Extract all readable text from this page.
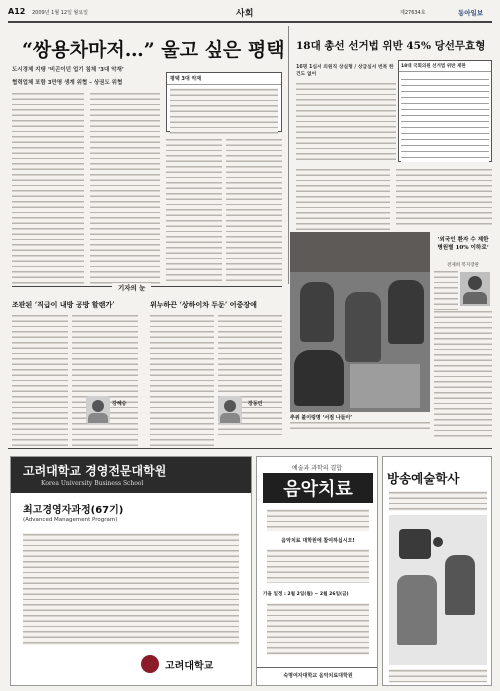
A12 2009년 1월 12일 월요일	사회	제27634호	동아일보
“쌍용차마저…” 울고 싶은 평택
도시경제 지탱 ‘비곤이던 업기 침체 ‘3대 악재’
협력업체 포함 3만명 생계 위협 – 상권도 위협
평택 3대 악재
18대 총선 선거법 위반 45% 당선무효형
16명 1심서 의원직 상실형 / 상급심서 번복 한 건도 없어
18대 국회의원 선거법 위반 재판
기자의 눈
조판된 ‘직급이 내방 공방 할랜가’	위누하끈 ‘상하이차 두둔’ 어중장애
강혜승	장동민
추위 불이렁명 ‘서점 나들이’
‘외국인 환자 수 제한 병원별 10% 이하로’
전제희 복지장관
고려대학교 경영전문대학원
Korea University Business School
최고경영자과정(67기)
(Advanced Management Program)
고려대학교
예술과 과학의 결합
음악치료
음악치료 대학원에 참여하십시오!
가을 일정 : 2월 2일(월) ~ 2월 26일(금)
숙명여자대학교 음악치료대학원
방송예술학사
